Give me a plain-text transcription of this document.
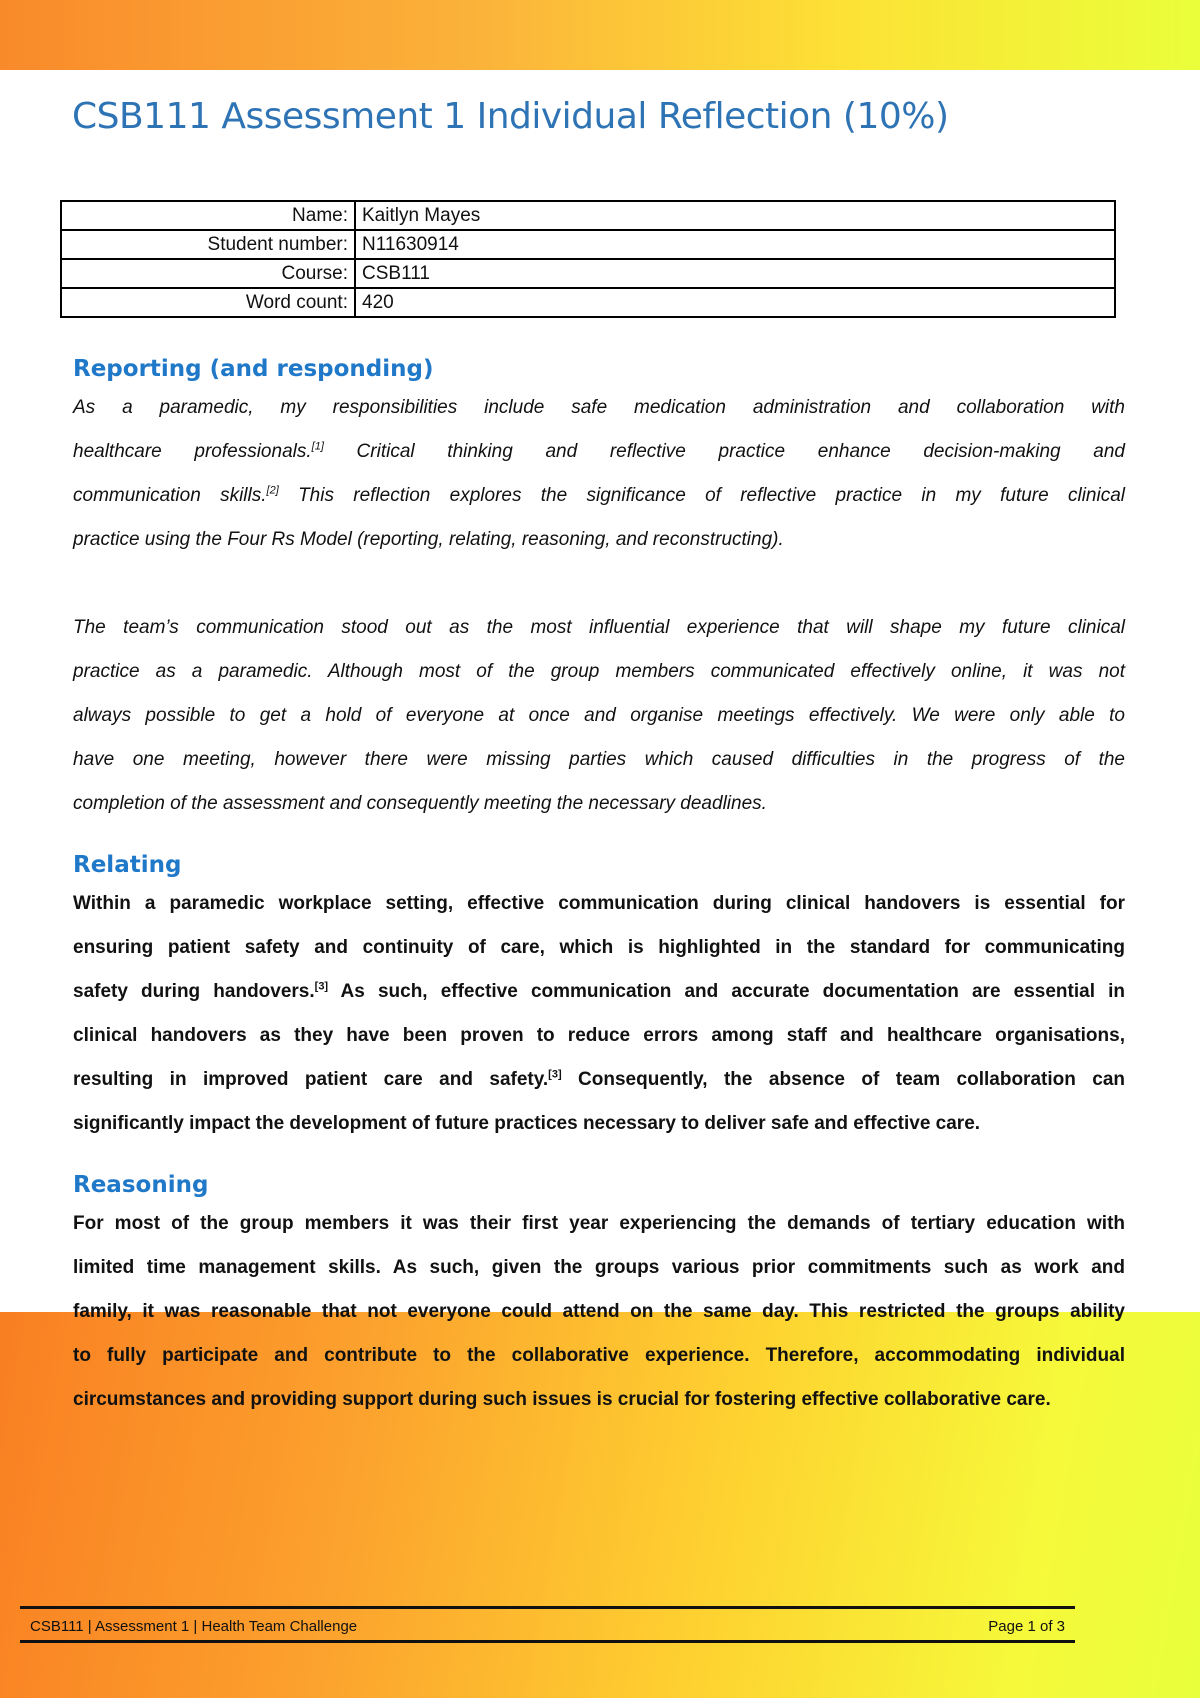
CSB111 Assessment 1 Individual Reflection (10%)
Name:	Kaitlyn Mayes
Student number:	N11630914
Course:	CSB111
Word count:	420
Reporting (and responding)
As a paramedic, my responsibilities include safe medication administration and collaboration with
healthcare professionals.[1] Critical thinking and reflective practice enhance decision-making and
communication skills.[2] This reflection explores the significance of reflective practice in my future clinical
practice using the Four Rs Model (reporting, relating, reasoning, and reconstructing).
The team’s communication stood out as the most influential experience that will shape my future clinical
practice as a paramedic. Although most of the group members communicated effectively online, it was not
always possible to get a hold of everyone at once and organise meetings effectively. We were only able to
have one meeting, however there were missing parties which caused difficulties in the progress of the
completion of the assessment and consequently meeting the necessary deadlines.
Relating
Within a paramedic workplace setting, effective communication during clinical handovers is essential for
ensuring patient safety and continuity of care, which is highlighted in the standard for communicating
safety during handovers.[3] As such, effective communication and accurate documentation are essential in
clinical handovers as they have been proven to reduce errors among staff and healthcare organisations,
resulting in improved patient care and safety.[3] Consequently, the absence of team collaboration can
significantly impact the development of future practices necessary to deliver safe and effective care.
Reasoning
For most of the group members it was their first year experiencing the demands of tertiary education with
limited time management skills. As such, given the groups various prior commitments such as work and
family, it was reasonable that not everyone could attend on the same day. This restricted the groups ability
to fully participate and contribute to the collaborative experience. Therefore, accommodating individual
circumstances and providing support during such issues is crucial for fostering effective collaborative care.
CSB111 | Assessment 1 | Health Team Challenge	Page 1 of 3
